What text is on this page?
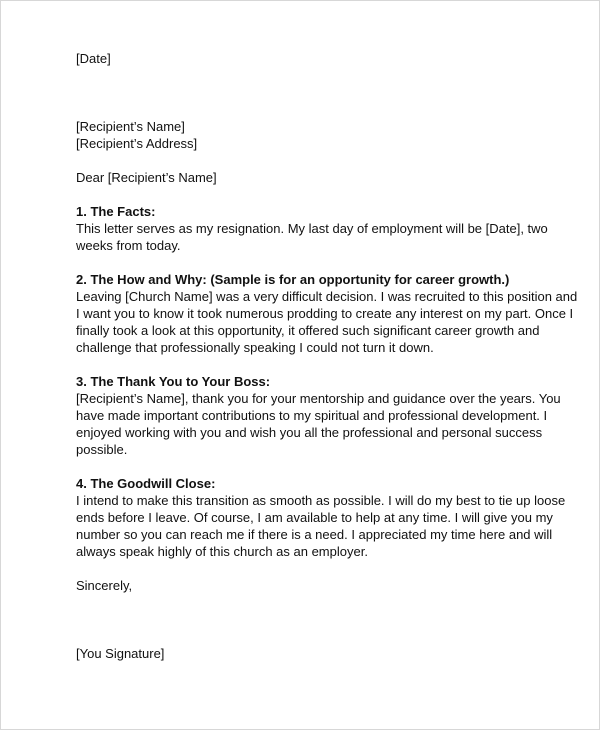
[Date]

[Recipient’s Name]

[Recipient’s Address]

Dear [Recipient’s Name]

1. The Facts:

This letter serves as my resignation. My last day of employment will be [Date], two

weeks from today.

2. The How and Why: (Sample is for an opportunity for career growth.)

Leaving [Church Name] was a very difficult decision. I was recruited to this position and

I want you to know it took numerous prodding to create any interest on my part. Once I

finally took a look at this opportunity, it offered such significant career growth and

challenge that professionally speaking I could not turn it down.

3. The Thank You to Your Boss:

[Recipient’s Name], thank you for your mentorship and guidance over the years. You

have made important contributions to my spiritual and professional development. I

enjoyed working with you and wish you all the professional and personal success

possible.

4. The Goodwill Close:

I intend to make this transition as smooth as possible. I will do my best to tie up loose

ends before I leave. Of course, I am available to help at any time. I will give you my

number so you can reach me if there is a need. I appreciated my time here and will

always speak highly of this church as an employer.

Sincerely,

[You Signature]
